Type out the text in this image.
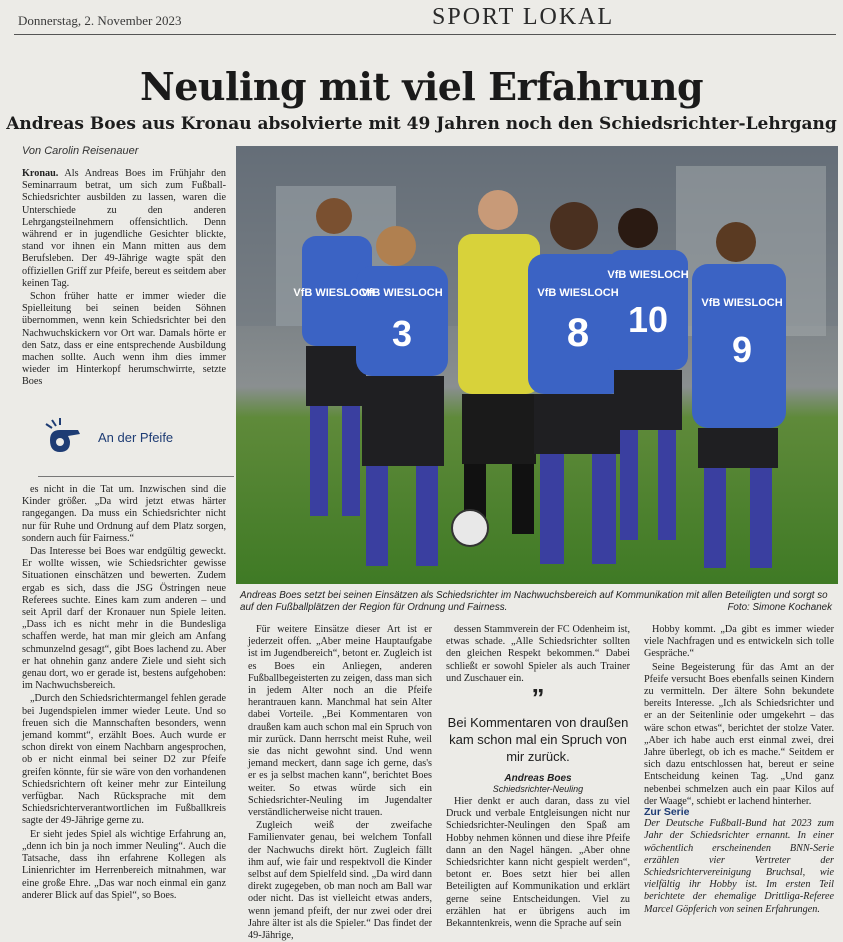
Donnerstag, 2. November 2023	SPORT LOKAL
Neuling mit viel Erfahrung
Andreas Boes aus Kronau absolvierte mit 49 Jahren noch den Schiedsrichter-Lehrgang
Von Carolin Reisenauer

Kronau. Als Andreas Boes im Frühjahr den Seminarraum betrat, um sich zum Fußball-Schiedsrichter ausbilden zu lassen, waren die Unterschiede zu den anderen Lehrgangsteilnehmern offensichtlich. Denn während er in jugendliche Gesichter blickte, stand vor ihnen ein Mann mitten aus dem Berufsleben. Der 49-Jährige wagte spät den offiziellen Griff zur Pfeife, bereut es seitdem aber keinen Tag.

Schon früher hatte er immer wieder die Spielleitung bei seinen beiden Söhnen übernommen, wenn kein Schiedsrichter bei den Nachwuchskickern vor Ort war. Damals hörte er den Satz, dass er eine entsprechende Ausbildung machen sollte. Auch wenn ihm dies immer wieder im Hinterkopf herumschwirrte, setzte Boes

An der Pfeife

es nicht in die Tat um. Inzwischen sind die Kinder größer. „Da wird jetzt etwas härter rangegangen. Da muss ein Schiedsrichter nicht nur für Ruhe und Ordnung auf dem Platz sorgen, sondern auch für Fairness.“

Das Interesse bei Boes war endgültig geweckt. Er wollte wissen, wie Schiedsrichter gewisse Situationen einschätzen und bewerten. Zudem ergab es sich, dass die JSG Östringen neue Referees suchte. Eines kam zum anderen – und seit April darf der Kronauer nun Spiele leiten. „Dass ich es nicht mehr in die Bundesliga schaffen werde, hat man mir gleich am Anfang schmunzelnd gesagt“, gibt Boes lachend zu. Aber er hat ohnehin ganz andere Ziele und sieht sich genau dort, wo er gerade ist, bestens aufgehoben: im Nachwuchsbereich.

„Durch den Schiedsrichtermangel fehlen gerade bei Jugendspielen immer wieder Leute. Und so freuen sich die Mannschaften besonders, wenn jemand kommt“, erzählt Boes. Auch wurde er schon direkt von einem Nachbarn angesprochen, ob er nicht einmal bei seiner D2 zur Pfeife greifen könnte, für sie wäre von den vorhandenen Schiedsrichtern oft keiner mehr zur Einteilung verfügbar. Nach Rücksprache mit dem Schiedsrichterverantwortlichen im Fußballkreis sagte der 49-Jährige gerne zu.

Er sieht jedes Spiel als wichtige Erfahrung an, „denn ich bin ja noch immer Neuling“. Auch die Tatsache, dass ihn erfahrene Kollegen als Linienrichter im Herrenbereich mitnahmen, war eine große Ehre. „Das war noch einmal ein ganz anderer Blick auf das Spiel“, so Boes.

3	8 10
9
VfB WIESLOCH
VfB WIESLOCH	VfB WIESLOCH
VfB WIESLOCH
VfB WIESLOCH
Andreas Boes setzt bei seinen Einsätzen als Schiedsrichter im Nachwuchsbereich auf Kommunikation mit allen Beteiligten und sorgt so auf den Fußballplätzen der Region für Ordnung und Fairness.	Foto: Simone Kochanek

Für weitere Einsätze dieser Art ist er jederzeit offen. „Aber meine Hauptaufgabe ist im Jugendbereich“, betont er. Zugleich ist es Boes ein Anliegen, anderen Fußballbegeisterten zu zeigen, dass man sich in jedem Alter noch an die Pfeife herantrauen kann. Manchmal hat sein Alter dabei Vorteile. „Bei Kommentaren von draußen kam auch schon mal ein Spruch von mir zurück. Dann herrscht meist Ruhe, weil sie das nicht gewohnt sind. Und wenn jemand meckert, dann sage ich gerne, das's er es ja selbst machen kann“, berichtet Boes weiter. So etwas würde sich ein Schiedsrichter-Neuling im Jugendalter verständlicherweise nicht trauen.

Zugleich weiß der zweifache Familienvater genau, bei welchem Tonfall der Nachwuchs direkt hört. Zugleich fällt ihm auf, wie fair und respektvoll die Kinder selbst auf dem Spielfeld sind. „Da wird dann direkt zugegeben, ob man noch am Ball war oder nicht. Das ist vielleicht etwas anders, wenn jemand pfeift, der nur zwei oder drei Jahre älter ist als die Spieler.“ Das findet der 49-Jährige,

dessen Stammverein der FC Odenheim ist, etwas schade. „Alle Schiedsrichter sollten den gleichen Respekt bekommen.“ Dabei schließt er sowohl Spieler als auch Trainer und Zuschauer ein.

”
Bei Kommentaren von draußen kam schon mal ein Spruch von mir zurück.
Andreas Boes
Schiedsrichter-Neuling

Hier denkt er auch daran, dass zu viel Druck und verbale Entgleisungen nicht nur Schiedsrichter-Neulingen den Spaß am Hobby nehmen können und diese ihre Pfeife dann an den Nagel hängen. „Aber ohne Schiedsrichter kann nicht gespielt werden“, betont er. Boes setzt hier bei allen Beteiligten auf Kommunikation und erklärt gerne seine Entscheidungen. Viel zu erzählen hat er übrigens auch im Bekanntenkreis, wenn die Sprache auf sein

Hobby kommt. „Da gibt es immer wieder viele Nachfragen und es entwickeln sich tolle Gespräche.“

Seine Begeisterung für das Amt an der Pfeife versucht Boes ebenfalls seinen Kindern zu vermitteln. Der ältere Sohn bekundete bereits Interesse. „Ich als Schiedsrichter und er an der Seitenlinie oder umgekehrt – das wäre schon etwas“, berichtet der stolze Vater. „Aber ich habe auch erst einmal zwei, drei Jahre überlegt, ob ich es mache.“ Seitdem er sich dazu entschlossen hat, bereut er seine Entscheidung keinen Tag. „Und ganz nebenbei schmelzen auch ein paar Kilos auf der Waage“, schiebt er lachend hinterher.

Zur Serie
Der Deutsche Fußball-Bund hat 2023 zum Jahr der Schiedsrichter ernannt. In einer wöchentlich erscheinenden BNN-Serie erzählen vier Vertreter der Schiedsrichtervereinigung Bruchsal, wie vielfältig ihr Hobby ist. Im ersten Teil berichtete der ehemalige Drittliga-Referee Marcel Göpferich von seinen Erfahrungen.
